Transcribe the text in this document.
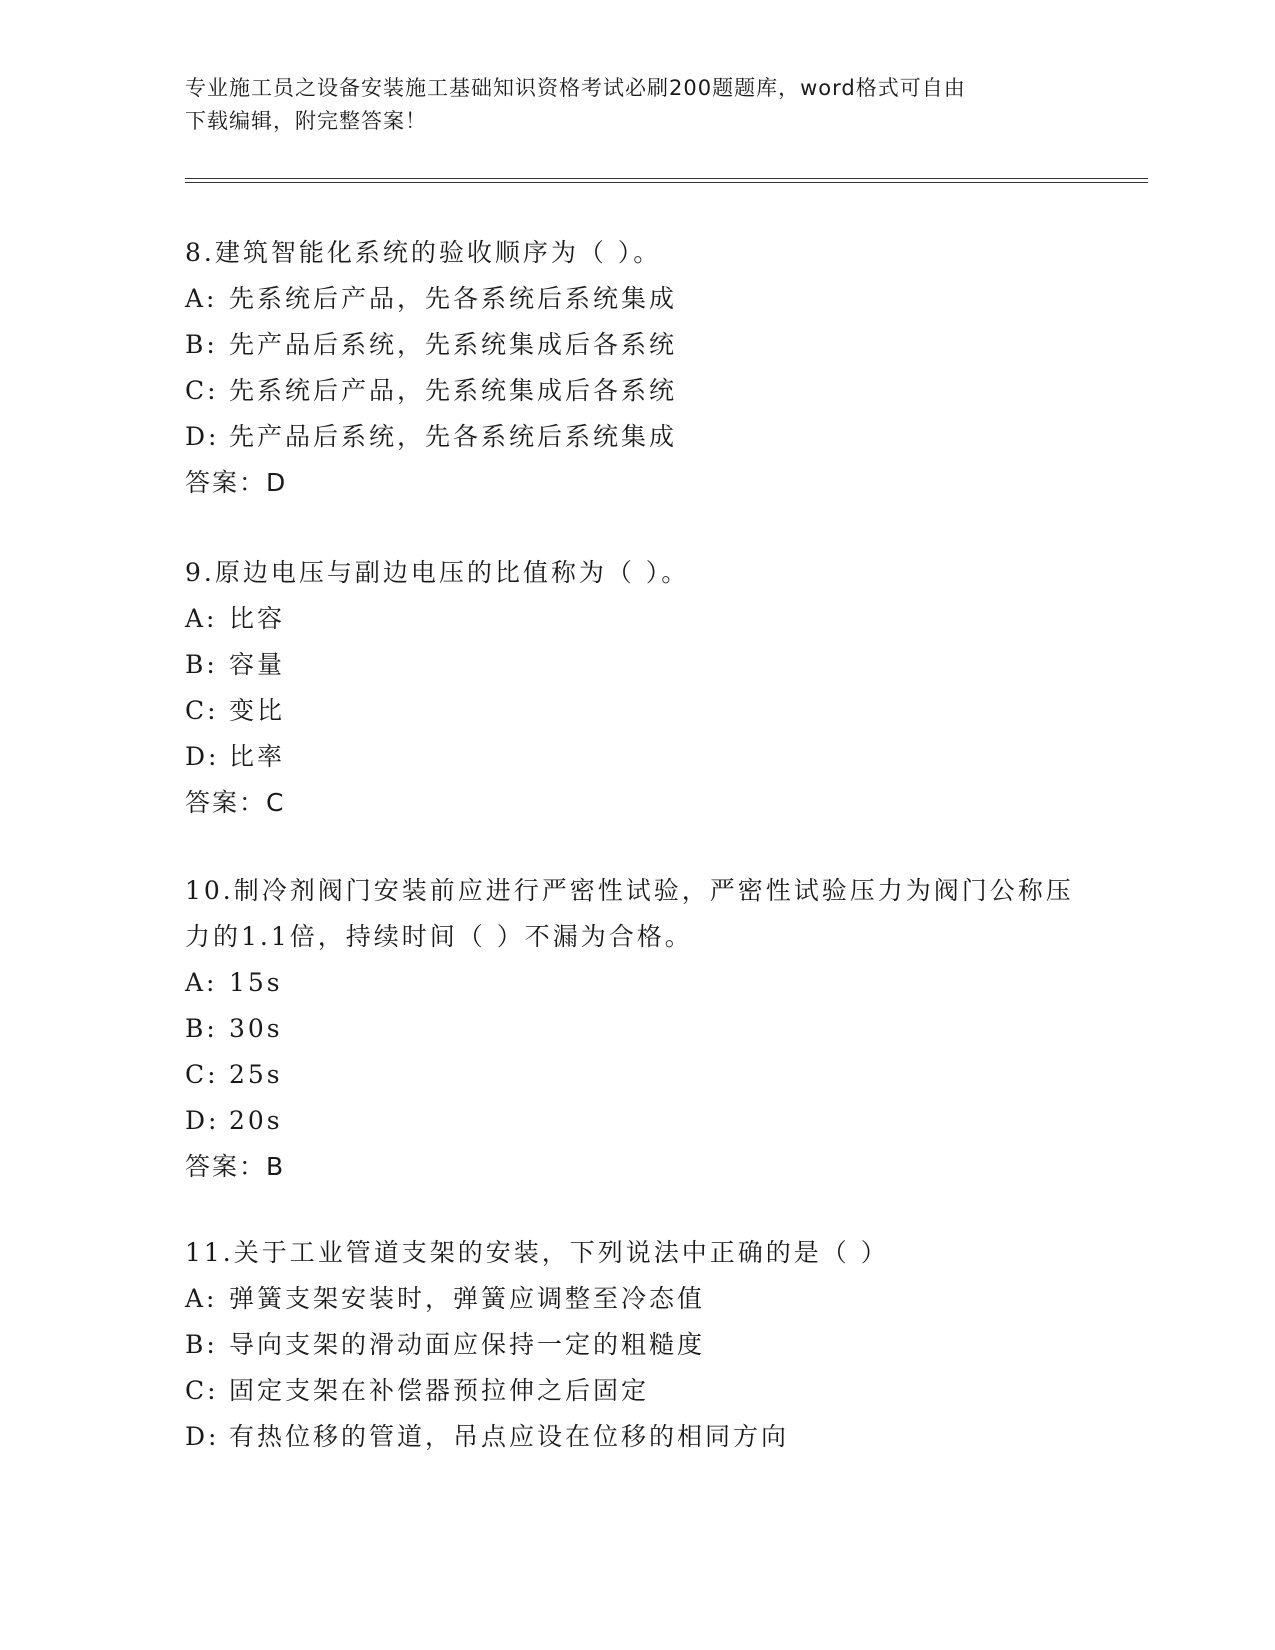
专业施工员之设备安装施工基础知识资格考试必刷200题题库，word格式可自由
下载编辑，附完整答案！

8.建筑智能化系统的验收顺序为（ ）。

A: 先系统后产品，先各系统后系统集成
B: 先产品后系统，先系统集成后各系统
C: 先系统后产品，先系统集成后各系统
D: 先产品后系统，先各系统后系统集成
答案：D

9.原边电压与副边电压的比值称为（ ）。

A: 比容
B: 容量
C: 变比
D: 比率
答案：C

10.制冷剂阀门安装前应进行严密性试验，严密性试验压力为阀门公称压力的1.1倍，持续时间（ ）不漏为合格。

A: 15s
B: 30s
C: 25s
D: 20s
答案：B

11.关于工业管道支架的安装，下列说法中正确的是（ ）

A: 弹簧支架安装时，弹簧应调整至冷态值
B: 导向支架的滑动面应保持一定的粗糙度
C: 固定支架在补偿器预拉伸之后固定
D: 有热位移的管道，吊点应设在位移的相同方向
